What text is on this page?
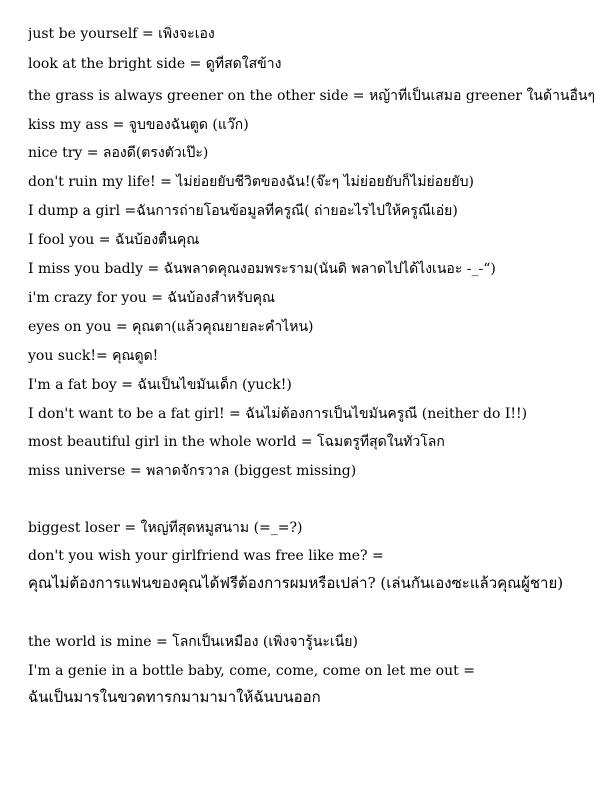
just be yourself = เพิ่งจะเอง
look at the bright side = ดูที่สดใสข้าง
the grass is always greener on the other side = หญ้าที่เป็นเสมอ greener ในด้านอื่นๆ
kiss my ass = จูบของฉันตูด (แว๊ก)
nice try = ลองดี(ตรงตัวเป๊ะ)
don't ruin my life! = ไม่ย่อยยับชีวิตของฉัน!(จ๊ะๆ ไม่ย่อยยับก็ไม่ย่อยยับ)
I dump a girl =ฉันการถ่ายโอนข้อมูลที่ครูณี( ถ่ายอะไรไปให้ครูณีเอ่ย)
I fool you = ฉันบ้องตื้นคุณ
I miss you badly = ฉันพลาดคุณงอมพระราม(นั่นดิ พลาดไปได้ไงเนอะ -_-“)
i'm crazy for you = ฉันบ้องสำหรับคุณ
eyes on you = คุณตา(แล้วคุณยายละคำไหน)
you suck!= คุณดูด!
I'm a fat boy = ฉันเป็นไขมันเด็ก (yuck!)
I don't want to be a fat girl! = ฉันไม่ต้องการเป็นไขมันครูณี (neither do I!!)
most beautiful girl in the whole world = โฉมตรูที่สุดในทั่วโลก
miss universe = พลาดจักรวาล (biggest missing)
biggest loser = ใหญ่ที่สุดหมูสนาม (=_=?)
don't you wish your girlfriend was free like me? =
คุณไม่ต้องการแฟนของคุณได้ฟรีต้องการผมหรือเปล่า? (เล่นกันเองซะแล้วคุณผู้ชาย)
the world is mine = โลกเป็นเหมือง (เพิ่งจารู้นะเนี่ย)
I'm a genie in a bottle baby, come, come, come on let me out =
ฉันเป็นมารในขวดทารกมามามาให้ฉันบนออก
